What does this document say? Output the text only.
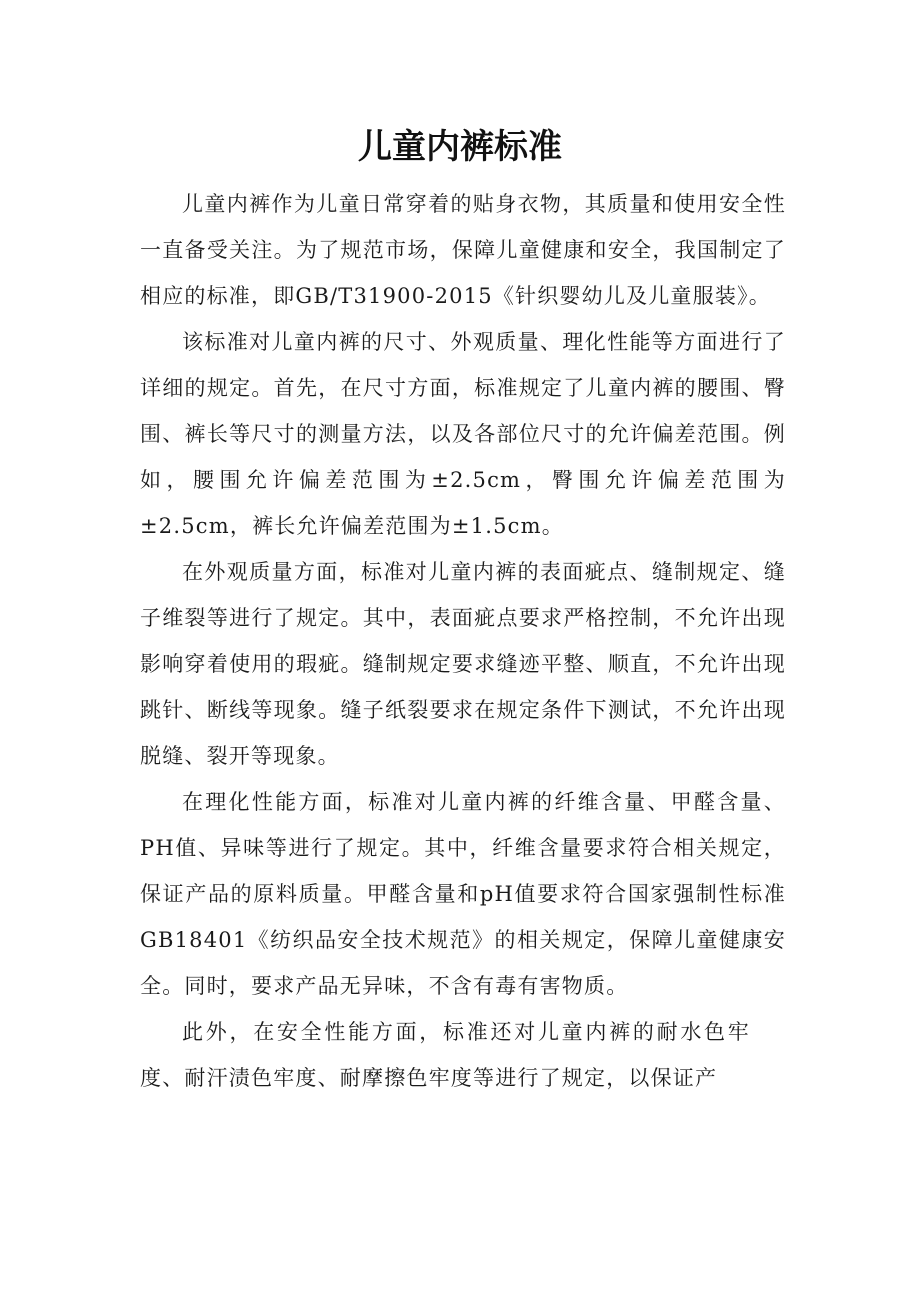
儿童内裤标准

儿童内裤作为儿童日常穿着的贴身衣物，其质量和使用安全性一直备受关注。为了规范市场，保障儿童健康和安全，我国制定了相应的标准，即GB/T31900-2015《针织婴幼儿及儿童服装》。

该标准对儿童内裤的尺寸、外观质量、理化性能等方面进行了详细的规定。首先，在尺寸方面，标准规定了儿童内裤的腰围、臀围、裤长等尺寸的测量方法，以及各部位尺寸的允许偏差范围。例如，腰围允许偏差范围为±2.5cm，臀围允许偏差范围为±2.5cm，裤长允许偏差范围为±1.5cm。

在外观质量方面，标准对儿童内裤的表面疵点、缝制规定、缝子维裂等进行了规定。其中，表面疵点要求严格控制，不允许出现影响穿着使用的瑕疵。缝制规定要求缝迹平整、顺直，不允许出现跳针、断线等现象。缝子纸裂要求在规定条件下测试，不允许出现脱缝、裂开等现象。

在理化性能方面，标准对儿童内裤的纤维含量、甲醛含量、PH值、异味等进行了规定。其中，纤维含量要求符合相关规定，保证产品的原料质量。甲醛含量和pH值要求符合国家强制性标准GB18401《纺织品安全技术规范》的相关规定，保障儿童健康安全。同时，要求产品无异味，不含有毒有害物质。

此外，在安全性能方面，标准还对儿童内裤的耐水色牢度、耐汗渍色牢度、耐摩擦色牢度等进行了规定，以保证产
